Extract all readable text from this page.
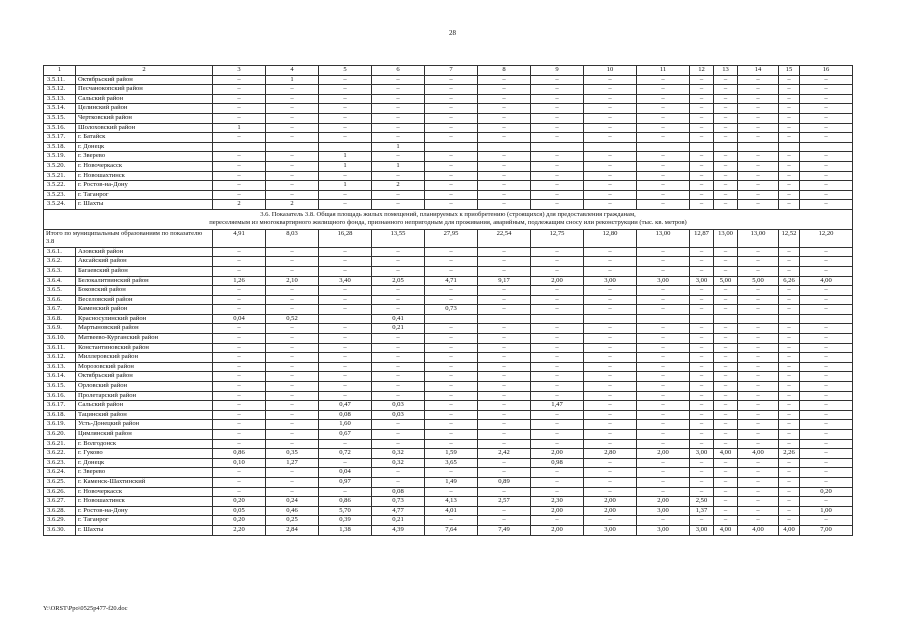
28
1	2	3	4	5	6	7	8	9	10	11	12	13	14	15	16
3.5.11.	Октябрьский район	–	1	–	–	–	–	–	–	–	–	–	–	–	–
3.5.12.	Песчанокопский район	–	–	–	–	–	–	–	–	–	–	–	–	–	–
3.5.13.	Сальский район	–	–	–	–	–	–	–	–	–	–	–	–	–	–
3.5.14.	Целинский район	–	–	–	–	–	–	–	–	–	–	–	–	–	–
3.5.15.	Чертковский район	–	–	–	–	–	–	–	–	–	–	–	–	–	–
3.5.16.	Шолоховский район	1	–	–	–	–	–	–	–	–	–	–	–	–	–
3.5.17.	г. Батайск	–	–	–	–	–	–	–	–	–	–	–	–	–	–
3.5.18.	г. Донецк				1										
3.5.19.	г. Зверево	–	–	1	–	–	–	–	–	–	–	–	–	–	–
3.5.20.	г. Новочеркасск	–	–	1	1	–	–	–	–	–	–	–	–	–	–
3.5.21.	г. Новошахтинск	–	–	–	–	–	–	–	–	–	–	–	–	–	–
3.5.22.	г. Ростов-на-Дону	–	–	1	2	–	–	–	–	–	–	–	–	–	–
3.5.23.	г. Таганрог	–	–	–	–	–	–	–	–	–	–	–	–	–	–
3.5.24.	г. Шахты	2	2	–	–	–	–	–	–	–	–	–	–	–	–

3.6. Показатель 3.8. Общая площадь жилых помещений, планируемых к приобретению (строящихся) для предоставления гражданам,
переселяемым из многоквартирного жилищного фонда, признанного непригодным для проживания, аварийным, подлежащим сносу или реконструкции (тыс. кв. метров)															

Итого по муниципальным образованиям по показателю 3.8		4,91	8,03	16,28	13,55	27,95	22,54	12,75	12,80	13,00	12,87	13,00	13,00	12,52	12,20
3.6.1.	Азовский район	–	–	–	–	–	–	–	–	–	–	–	–	–	–
3.6.2.	Аксайский район	–	–	–	–	–	–	–	–	–	–	–	–	–	–
3.6.3.	Багаевский район	–	–	–	–	–	–	–	–	–	–	–	–	–	–
3.6.4.	Белокалитвинский район	1,26	2,10	3,40	2,05	4,71	9,17	2,00	3,00	3,00	3,00	5,00	5,00	6,26	4,00
3.6.5.	Боковский район	–	–	–	–	–	–	–	–	–	–	–	–	–	–
3.6.6.	Веселовский район	–	–	–	–	–	–	–	–	–	–	–	–	–	–
3.6.7.	Каменский район	–	–	–	–	0,73	–	–	–	–	–	–	–	–	–
3.6.8.	Красносулинский район	0,04	0,52		0,41										
3.6.9.	Мартыновский район	–	–	–	0,21	–	–	–	–	–	–	–	–	–	–
3.6.10.	Матвеево-Курганский район	–	–	–	–	–	–	–	–	–	–	–	–	–	–
3.6.11.	Константиновский район	–	–	–	–	–	–	–	–	–	–	–	–	–	–
3.6.12.	Миллеровский район	–	–	–	–	–	–	–	–	–	–	–	–	–	–
3.6.13.	Морозовский район	–	–	–	–	–	–	–	–	–	–	–	–	–	–
3.6.14.	Октябрьский район	–	–	–	–	–	–	–	–	–	–	–	–	–	–
3.6.15.	Орловский район	–	–	–	–	–	–	–	–	–	–	–	–	–	–
3.6.16.	Пролетарский район	–	–	–	–	–	–	–	–	–	–	–	–	–	–
3.6.17.	Сальский район	–	–	0,47	0,03	–	–	1,47	–	–	–	–	–	–	–
3.6.18.	Тацинский район	–	–	0,08	0,03	–	–	–	–	–	–	–	–	–	–
3.6.19.	Усть-Донецкий район	–	–	1,60	–	–	–	–	–	–	–	–	–	–	–
3.6.20.	Цимлянский район	–	–	0,67	–	–	–	–	–	–	–	–	–	–	–
3.6.21.	г. Волгодонск	–	–	–	–	–	–	–	–	–	–	–	–	–	–
3.6.22.	г. Гуково	0,86	0,35	0,72	0,32	1,59	2,42	2,00	2,80	2,00	3,00	4,00	4,00	2,26	–
3.6.23.	г. Донецк	0,10	1,27	–	0,32	3,65	–	0,98	–	–	–	–	–	–	–
3.6.24.	г. Зверево	–	–	0,04	–	–	–	–	–	–	–	–	–	–	–
3.6.25.	г. Каменск-Шахтинский	–	–	0,97	–	1,49	0,89	–	–	–	–	–	–	–	–
3.6.26.	г. Новочеркасск	–	–	–	0,08	–	–	–	–	–	–	–	–	–	0,20
3.6.27.	г. Новошахтинск	0,20	0,24	0,86	0,73	4,13	2,57	2,30	2,00	2,00	2,50	–	–	–	–
3.6.28.	г. Ростов-на-Дону	0,05	0,46	5,70	4,77	4,01	–	2,00	2,00	3,00	1,37	–	–	–	1,00
3.6.29.	г. Таганрог	0,20	0,25	0,39	0,21	–	–	–	–	–	–	–	–	–	–
3.6.30.	г. Шахты	2,20	2,84	1,38	4,39	7,64	7,49	2,00	3,00	3,00	3,00	4,00	4,00	4,00	7,00
Y:\ORST\Ppo\0525p477-f20.doc
